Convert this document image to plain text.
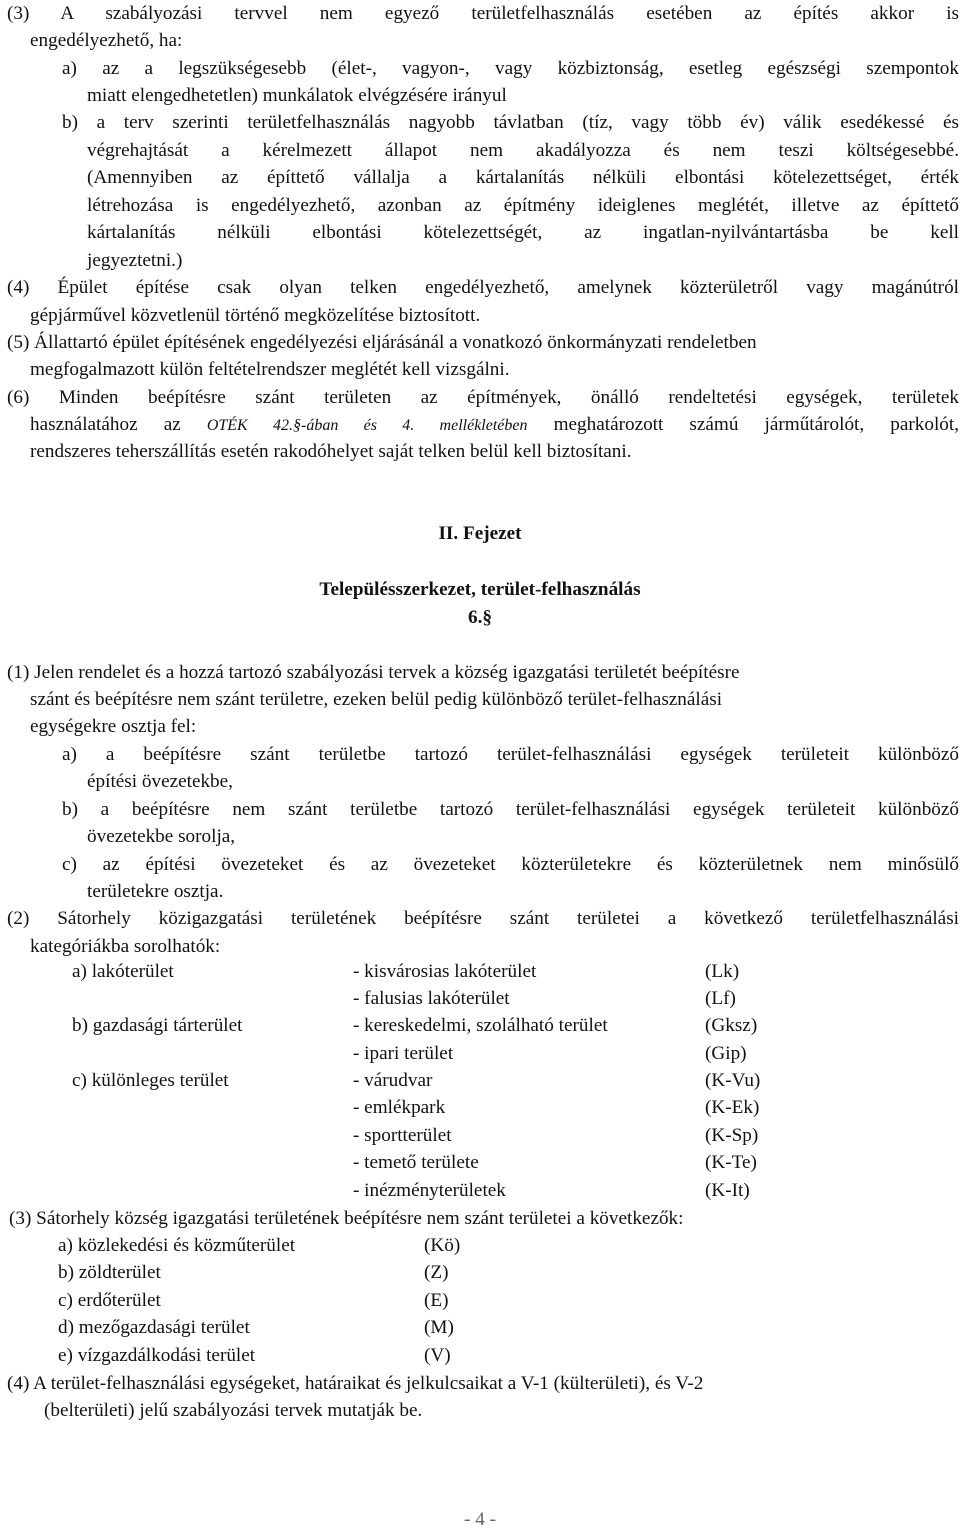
(3) A szabályozási tervvel nem egyező területfelhasználás esetében az építés akkor is
engedélyezhető, ha:
a) az a legszükségesebb (élet-, vagyon-, vagy közbiztonság, esetleg egészségi szempontok
miatt elengedhetetlen) munkálatok elvégzésére irányul
b) a terv szerinti területfelhasználás nagyobb távlatban (tíz, vagy több év) válik esedékessé és
végrehajtását a kérelmezett állapot nem akadályozza és nem teszi költségesebbé.
(Amennyiben az építtető vállalja a kártalanítás nélküli elbontási kötelezettséget, érték
létrehozása is engedélyezhető, azonban az építmény ideiglenes meglétét, illetve az építtető
kártalanítás nélküli elbontási kötelezettségét, az ingatlan-nyilvántartásba be kell
jegyeztetni.)
(4) Épület építése csak olyan telken engedélyezhető, amelynek közterületről vagy magánútról
gépjárművel közvetlenül történő megközelítése biztosított.
(5) Állattartó épület építésének engedélyezési eljárásánál a vonatkozó önkormányzati rendeletben
megfogalmazott külön feltételrendszer meglétét kell vizsgálni.
(6) Minden beépítésre szánt területen az építmények, önálló rendeltetési egységek, területek
használatához az OTÉK 42.§-ában és 4. mellékletében meghatározott számú járműtárolót, parkolót,
rendszeres teherszállítás esetén rakodóhelyet saját telken belül kell biztosítani.
II. Fejezet
Településszerkezet, terület-felhasználás
6.§
(1) Jelen rendelet és a hozzá tartozó szabályozási tervek a község igazgatási területét beépítésre
szánt és beépítésre nem szánt területre, ezeken belül pedig különböző terület-felhasználási
egységekre osztja fel:
a) a beépítésre szánt területbe tartozó terület-felhasználási egységek területeit különböző
építési övezetekbe,
b) a beépítésre nem szánt területbe tartozó terület-felhasználási egységek területeit különböző
övezetekbe sorolja,
c) az építési övezeteket és az övezeteket közterületekre és közterületnek nem minősülő
területekre osztja.
(2) Sátorhely közigazgatási területének beépítésre szánt területei a következő területfelhasználási
kategóriákba sorolhatók:
a) lakóterület	- kisvárosias lakóterület	(Lk)
- falusias lakóterület	(Lf)
b) gazdasági tárterület	- kereskedelmi, szolálható terület	(Gksz)
- ipari terület	(Gip)
c) különleges terület	- várudvar	(K-Vu)
- emlékpark	(K-Ek)
- sportterület	(K-Sp)
- temető területe	(K-Te)
- inézményterületek	(K-It)
(3) Sátorhely község igazgatási területének beépítésre nem szánt területei a következők:
a) közlekedési és közműterület	(Kö)
b) zöldterület	(Z)
c) erdőterület	(E)
d) mezőgazdasági terület	(M)
e) vízgazdálkodási terület	(V)
(4) A terület-felhasználási egységeket, határaikat és jelkulcsaikat a V-1 (külterületi), és V-2
(belterületi) jelű szabályozási tervek mutatják be.
- 4 -
